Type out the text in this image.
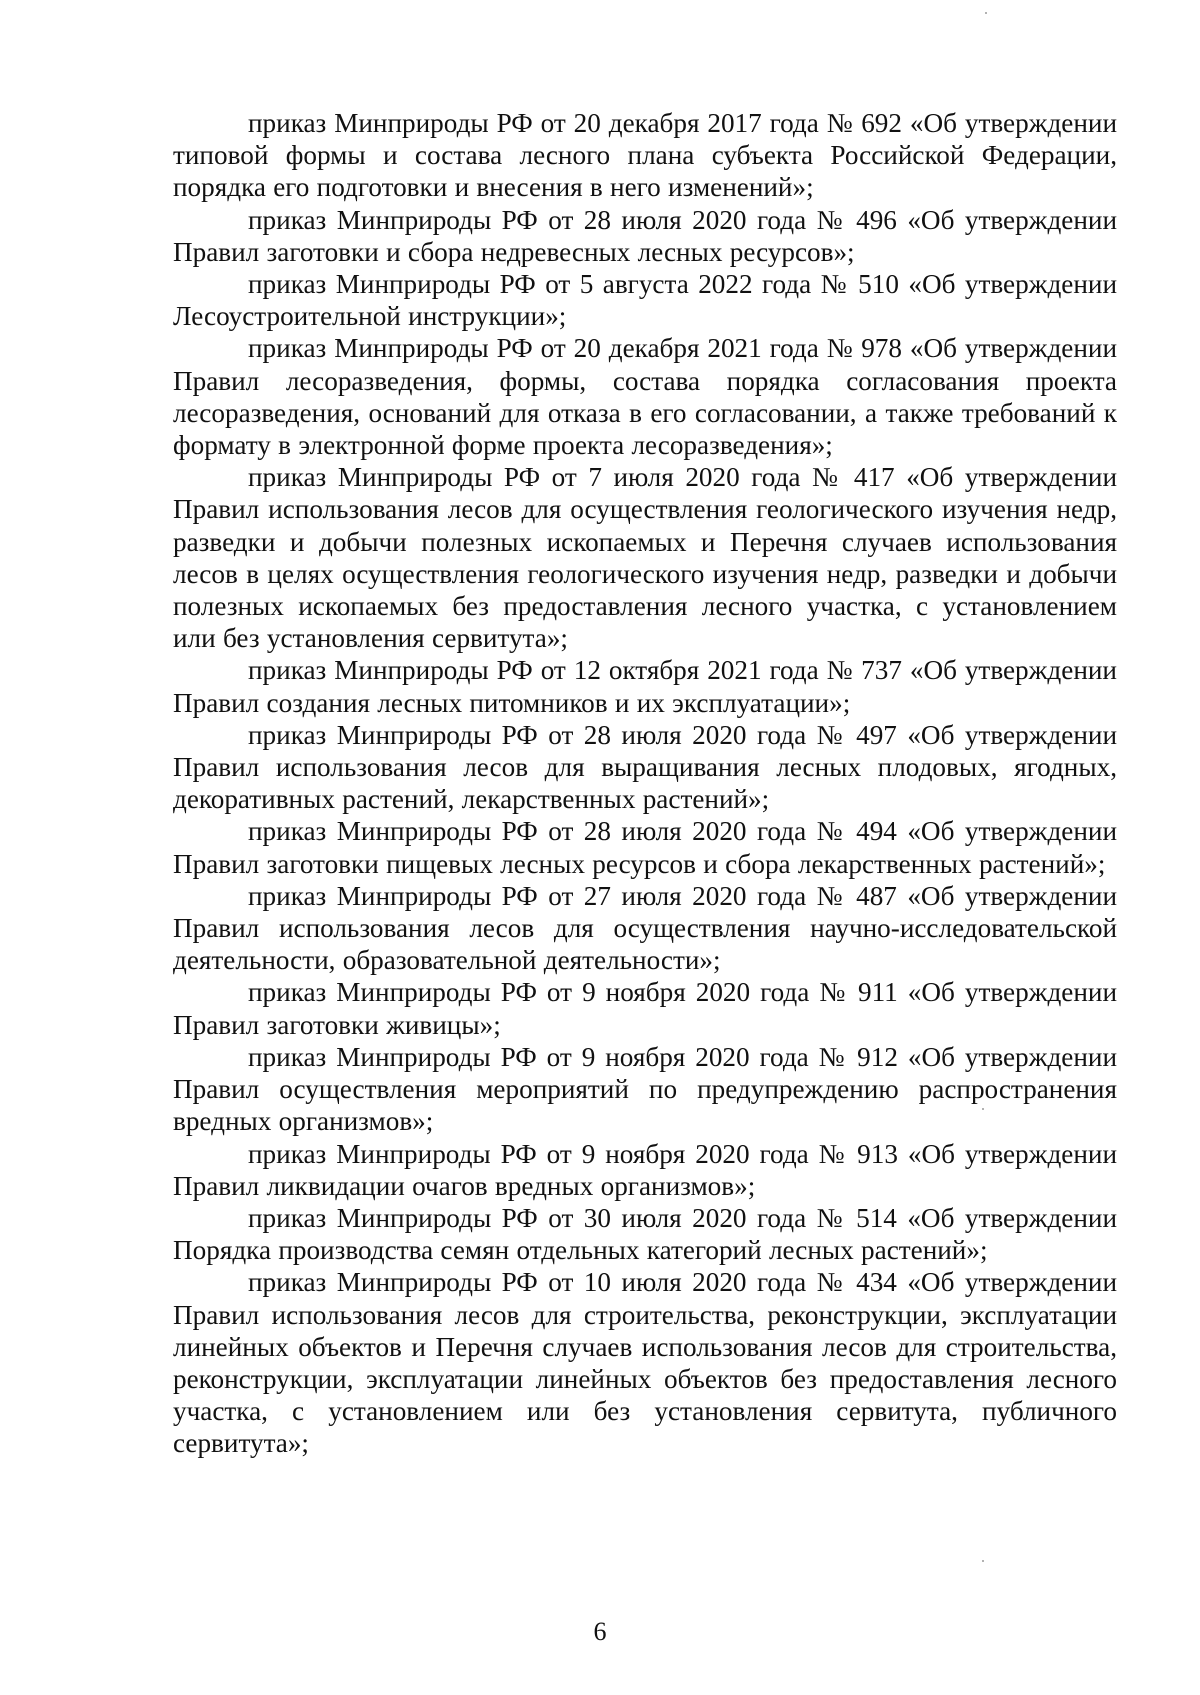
приказ Минприроды РФ от 20 декабря 2017 года № 692 «Об утверждении типовой формы и состава лесного плана субъекта Российской Федерации, порядка его подготовки и внесения в него изменений»;

приказ Минприроды РФ от 28 июля 2020 года № 496 «Об утверждении Правил заготовки и сбора недревесных лесных ресурсов»;

приказ Минприроды РФ от 5 августа 2022 года № 510 «Об утверждении Лесоустроительной инструкции»;

приказ Минприроды РФ от 20 декабря 2021 года № 978 «Об утверждении Правил лесоразведения, формы, состава порядка согласования проекта лесоразведения, оснований для отказа в его согласовании, а также требований к формату в электронной форме проекта лесоразведения»;

приказ Минприроды РФ от 7 июля 2020 года № 417 «Об утверждении Правил использования лесов для осуществления геологического изучения недр, разведки и добычи полезных ископаемых и Перечня случаев использования лесов в целях осуществления геологического изучения недр, разведки и добычи полезных ископаемых без предоставления лесного участка, с установлением или без установления сервитута»;

приказ Минприроды РФ от 12 октября 2021 года № 737 «Об утверждении Правил создания лесных питомников и их эксплуатации»;

приказ Минприроды РФ от 28 июля 2020 года № 497 «Об утверждении Правил использования лесов для выращивания лесных плодовых, ягодных, декоративных растений, лекарственных растений»;

приказ Минприроды РФ от 28 июля 2020 года № 494 «Об утверждении Правил заготовки пищевых лесных ресурсов и сбора лекарственных растений»;

приказ Минприроды РФ от 27 июля 2020 года № 487 «Об утверждении Правил использования лесов для осуществления научно-исследовательской деятельности, образовательной деятельности»;

приказ Минприроды РФ от 9 ноября 2020 года № 911 «Об утверждении Правил заготовки живицы»;

приказ Минприроды РФ от 9 ноября 2020 года № 912 «Об утверждении Правил осуществления мероприятий по предупреждению распространения вредных организмов»;

приказ Минприроды РФ от 9 ноября 2020 года № 913 «Об утверждении Правил ликвидации очагов вредных организмов»;

приказ Минприроды РФ от 30 июля 2020 года № 514 «Об утверждении Порядка производства семян отдельных категорий лесных растений»;

приказ Минприроды РФ от 10 июля 2020 года № 434 «Об утверждении Правил использования лесов для строительства, реконструкции, эксплуатации линейных объектов и Перечня случаев использования лесов для строительства, реконструкции, эксплуатации линейных объектов без предоставления лесного участка, с установлением или без установления сервитута, публичного сервитута»;

6
